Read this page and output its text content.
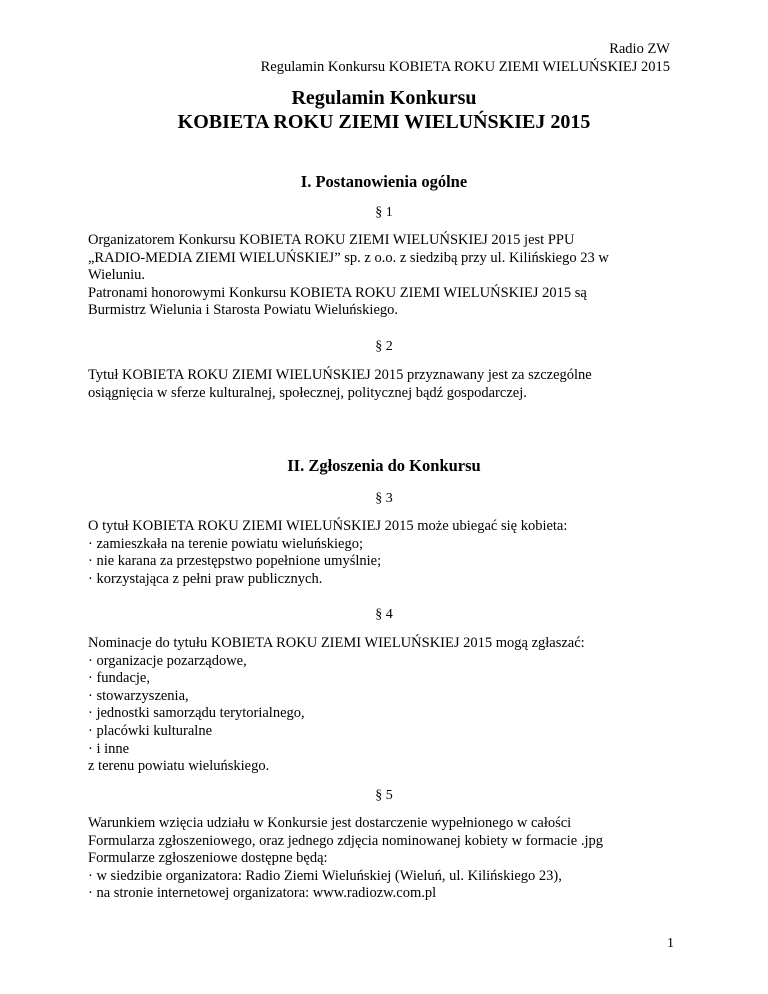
Radio ZW
Regulamin Konkursu KOBIETA ROKU ZIEMI WIELUŃSKIEJ 2015
Regulamin Konkursu
KOBIETA ROKU ZIEMI WIELUŃSKIEJ 2015
I. Postanowienia ogólne
§ 1
Organizatorem Konkursu KOBIETA ROKU ZIEMI WIELUŃSKIEJ 2015 jest PPU
„RADIO-MEDIA ZIEMI WIELUŃSKIEJ” sp. z o.o. z siedzibą przy ul. Kilińskiego 23 w
Wieluniu.
Patronami honorowymi Konkursu KOBIETA ROKU ZIEMI WIELUŃSKIEJ 2015 są
Burmistrz Wielunia i Starosta Powiatu Wieluńskiego.
§ 2
Tytuł KOBIETA ROKU ZIEMI WIELUŃSKIEJ 2015 przyznawany jest za szczególne
osiągnięcia w sferze kulturalnej, społecznej, politycznej bądź gospodarczej.
II. Zgłoszenia do Konkursu
§ 3
O tytuł KOBIETA ROKU ZIEMI WIELUŃSKIEJ 2015 może ubiegać się kobieta:
· zamieszkała na terenie powiatu wieluńskiego;
· nie karana za przestępstwo popełnione umyślnie;
· korzystająca z pełni praw publicznych.
§ 4
Nominacje do tytułu KOBIETA ROKU ZIEMI WIELUŃSKIEJ 2015 mogą zgłaszać:
· organizacje pozarządowe,
· fundacje,
· stowarzyszenia,
· jednostki samorządu terytorialnego,
· placówki kulturalne
· i inne
z terenu powiatu wieluńskiego.
§ 5
Warunkiem wzięcia udziału w Konkursie jest dostarczenie wypełnionego w całości
Formularza zgłoszeniowego, oraz jednego zdjęcia nominowanej kobiety w formacie .jpg
Formularze zgłoszeniowe dostępne będą:
· w siedzibie organizatora: Radio Ziemi Wieluńskiej (Wieluń, ul. Kilińskiego 23),
· na stronie internetowej organizatora: www.radiozw.com.pl
1
